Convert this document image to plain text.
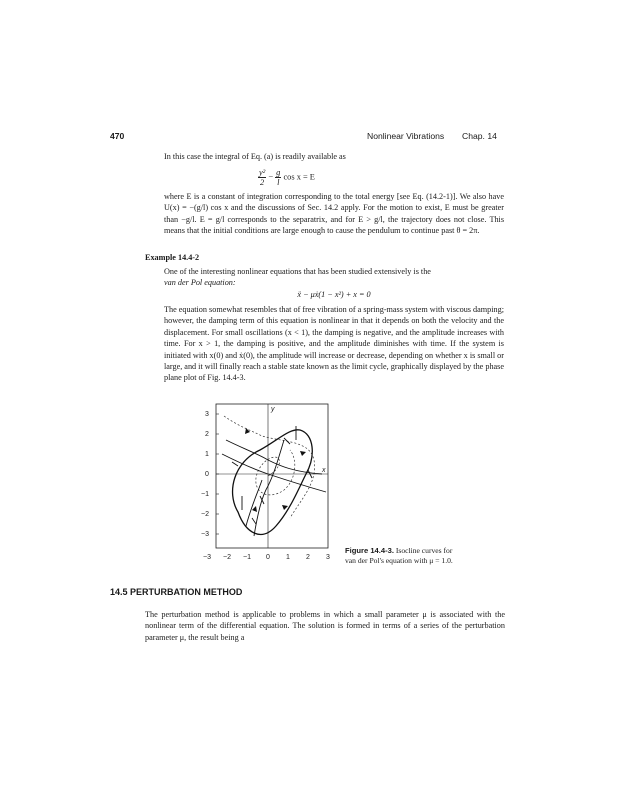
470	Nonlinear Vibrations Chap. 14
In this case the integral of Eq. (a) is readily available as
$\frac{\text{y²}}{2} - \frac{g}{l}$ cos x = E
where E is a constant of integration corresponding to the total energy [see Eq. (14.2-1)]. We also have U(x) = −(g/l) cos x and the discussions of Sec. 14.2 apply. For the motion to exist, E must be greater than −g/l. E = g/l corresponds to the separatrix, and for E > g/l, the trajectory does not close. This means that the initial conditions are large enough to cause the pendulum to continue past θ = 2π.
Example 14.4-2
One of the interesting nonlinear equations that has been studied extensively is the
van der Pol equation:
ẍ − μẋ(1 − x²) + x = 0
The equation somewhat resembles that of free vibration of a spring-mass system with viscous damping; however, the damping term of this equation is nonlinear in that it depends on both the velocity and the displacement. For small oscillations (x < 1), the damping is negative, and the amplitude increases with time. For x > 1, the damping is positive, and the amplitude diminishes with time. If the system is initiated with x(0) and ẋ(0), the amplitude will increase or decrease, depending on whether x is small or large, and it will finally reach a stable state known as the limit cycle, graphically displayed by the phase plane plot of Fig. 14.4-3.
3
2
1
0
−1
−2
−3
−3 −2 −1 0 1 2 3
y
x
Figure 14.4-3. Isocline curves for
van der Pol's equation with μ = 1.0.
14.5 PERTURBATION METHOD
The perturbation method is applicable to problems in which a small parameter μ is associated with the nonlinear term of the differential equation. The solution is formed in terms of a series of the perturbation parameter μ, the result being a
